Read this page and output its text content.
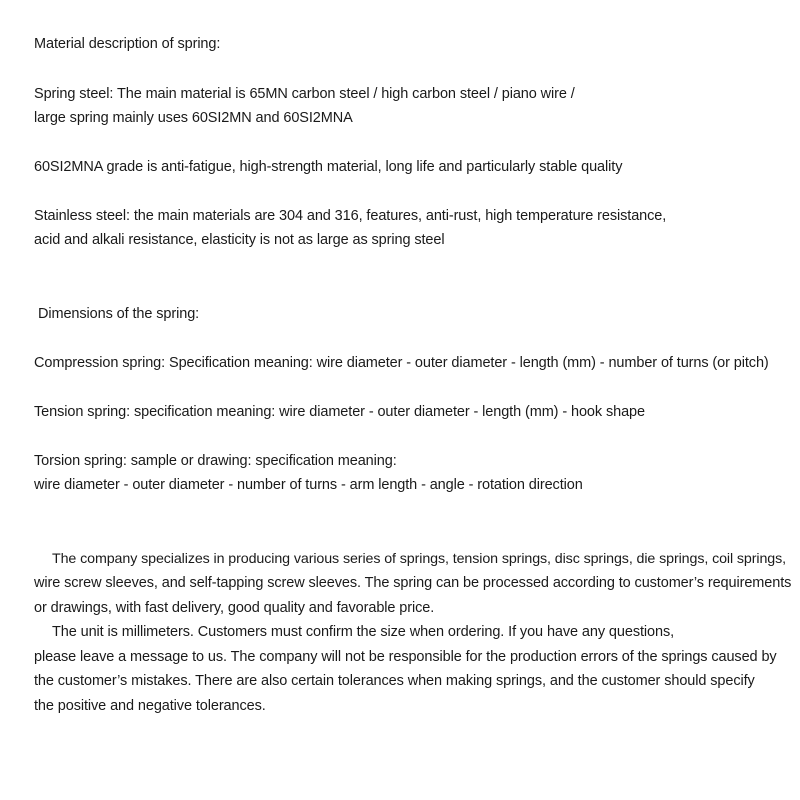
Material description of spring:
Spring steel: The main material is 65MN carbon steel / high carbon steel / piano wire /
large spring mainly uses 60SI2MN and 60SI2MNA
60SI2MNA grade is anti-fatigue, high-strength material, long life and particularly stable quality
Stainless steel: the main materials are 304 and 316, features, anti-rust, high temperature resistance,
acid and alkali resistance, elasticity is not as large as spring steel
Dimensions of the spring:
Compression spring: Specification meaning: wire diameter - outer diameter - length (mm) - number of turns (or pitch)
Tension spring: specification meaning: wire diameter - outer diameter - length (mm) - hook shape
Torsion spring: sample or drawing: specification meaning:
wire diameter - outer diameter - number of turns - arm length - angle - rotation direction
The company specializes in producing various series of springs, tension springs, disc springs, die springs, coil springs,
wire screw sleeves, and self-tapping screw sleeves. The spring can be processed according to customer’s requirements
or drawings, with fast delivery, good quality and favorable price.
The unit is millimeters. Customers must confirm the size when ordering. If you have any questions,
please leave a message to us. The company will not be responsible for the production errors of the springs caused by
the customer’s mistakes. There are also certain tolerances when making springs, and the customer should specify
the positive and negative tolerances.
